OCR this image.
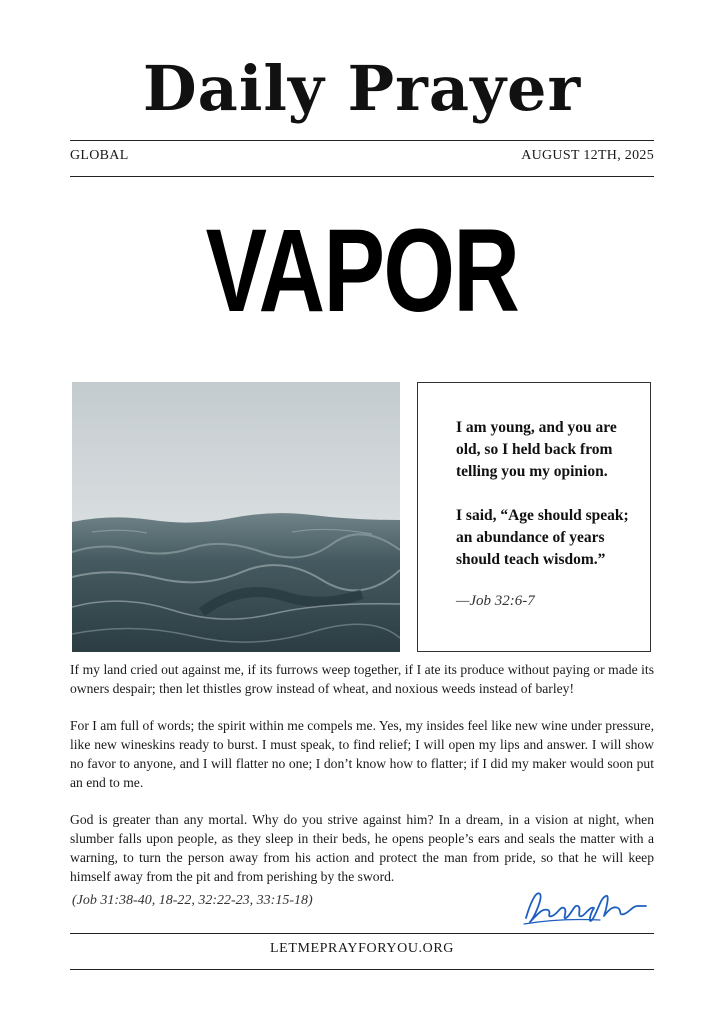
Daily Prayer
GLOBAL	AUGUST 12TH, 2025
VAPOR

I am young, and you are old, so I held back from telling you my opinion.

I said, “Age should speak; an abundance of years should teach wisdom.”

—Job 32:6-7

If my land cried out against me, if its furrows weep together, if I ate its produce without paying or made its owners despair; then let thistles grow instead of wheat, and noxious weeds instead of barley!

For I am full of words; the spirit within me compels me. Yes, my insides feel like new wine under pressure, like new wineskins ready to burst. I must speak, to find relief; I will open my lips and answer. I will show no favor to anyone, and I will flatter no one; I don’t know how to flatter; if I did my maker would soon put an end to me.

God is greater than any mortal. Why do you strive against him? In a dream, in a vision at night, when slumber falls upon people, as they sleep in their beds, he opens people’s ears and seals the matter with a warning, to turn the person away from his action and protect the man from pride, so that he will keep himself away from the pit and from perishing by the sword.

(Job 31:38-40, 18-22, 32:22-23, 33:15-18)
LETMEPRAYFORYOU.ORG
